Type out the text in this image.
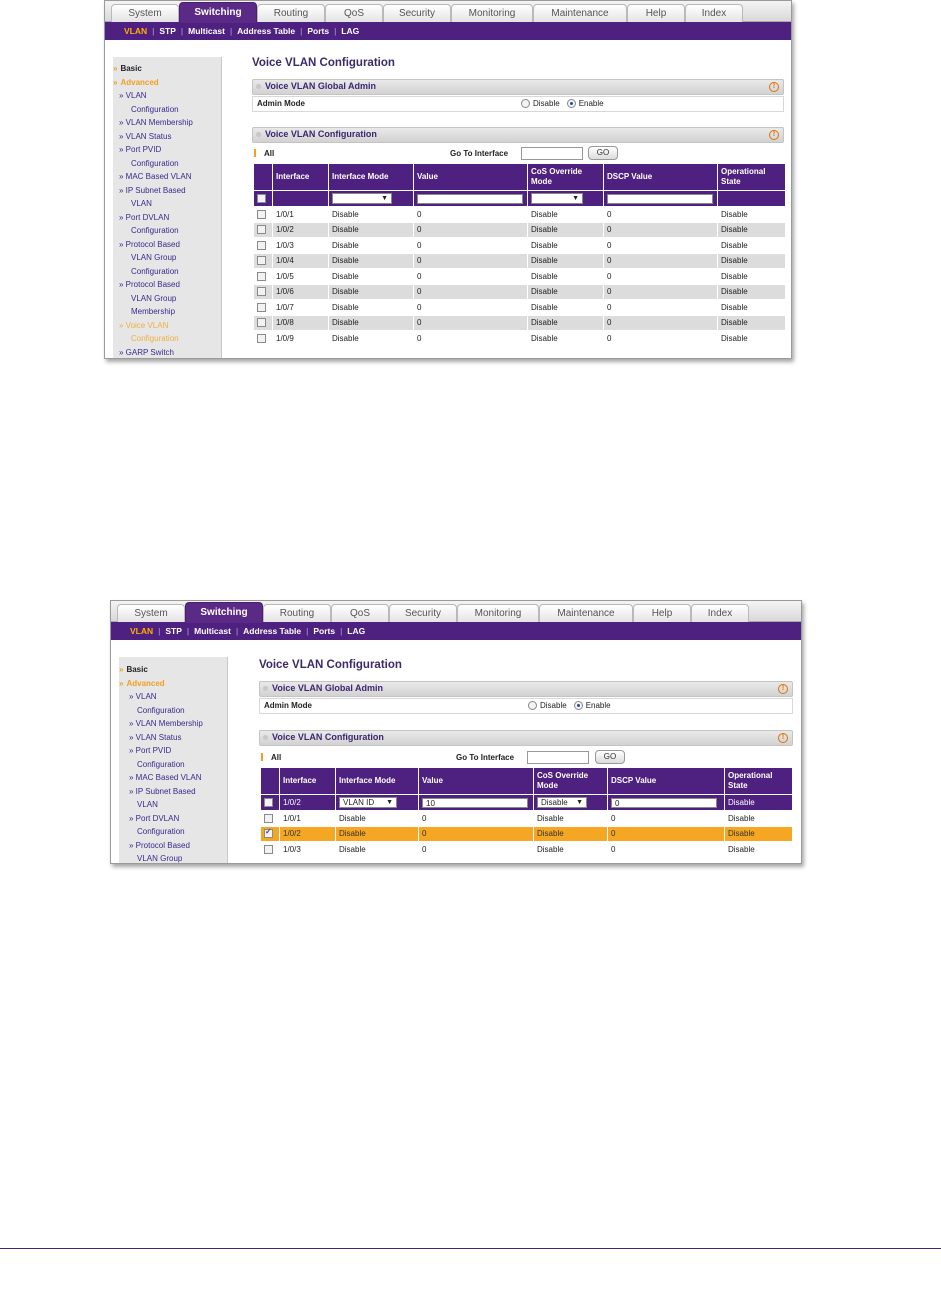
System	Switching	Routing	QoS	Security	Monitoring	Maintenance	Help	Index
VLAN | STP | Multicast | Address Table | Ports | LAG
» Basic
» Advanced
» VLAN
Configuration
» VLAN Membership
» VLAN Status
» Port PVID
Configuration
» MAC Based VLAN
» IP Subnet Based
VLAN
» Port DVLAN
Configuration
» Protocol Based
VLAN Group
Configuration
» Protocol Based
VLAN Group
Membership
» Voice VLAN
Configuration
» GARP Switch
Voice VLAN Configuration
Voice VLAN Global Admin	!
Admin Mode	Disable Enable
Voice VLAN Configuration	!
All	Go To Interface	GO
	Interface	Interface Mode	Value	CoS Override Mode	DSCP Value	Operational State

		▼		▼		

	1/0/1	Disable	0	Disable	0	Disable
	1/0/2	Disable	0	Disable	0	Disable
	1/0/3	Disable	0	Disable	0	Disable
	1/0/4	Disable	0	Disable	0	Disable
	1/0/5	Disable	0	Disable	0	Disable
	1/0/6	Disable	0	Disable	0	Disable
	1/0/7	Disable	0	Disable	0	Disable
	1/0/8	Disable	0	Disable	0	Disable
	1/0/9	Disable	0	Disable	0	Disable
System	Switching	Routing	QoS	Security	Monitoring	Maintenance	Help	Index
VLAN | STP | Multicast | Address Table | Ports | LAG
» Basic
» Advanced
» VLAN
Configuration
» VLAN Membership
» VLAN Status
» Port PVID
Configuration
» MAC Based VLAN
» IP Subnet Based
VLAN
» Port DVLAN
Configuration
» Protocol Based
VLAN Group
Voice VLAN Configuration
Voice VLAN Global Admin	!
Admin Mode	Disable Enable
Voice VLAN Configuration	!
All	Go To Interface	GO
	Interface	Interface Mode	Value	CoS Override Mode	DSCP Value	Operational State
	1/0/2	VLAN ID ▼	10	Disable ▼	0	Disable
	1/0/1	Disable	0	Disable	0	Disable
✓	1/0/2	Disable	0	Disable	0	Disable
	1/0/3	Disable	0	Disable	0	Disable
